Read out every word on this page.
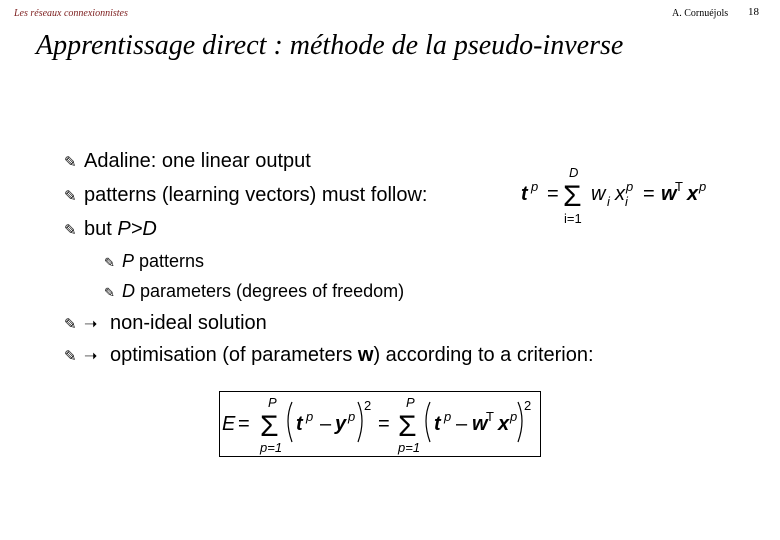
Les réseaux connexionnistes	A. Cornuéjols 18
Apprentissage direct : méthode de la pseudo-inverse
✎ Adaline: one linear output
✎ patterns (learning vectors) must follow:	t p =
D
Σ
i=1
w i x p
i = w
T x p
✎ but P>D
✎ P patterns
✎ D parameters (degrees of freedom)
✎ ➝ non-ideal solution
✎ ➝ optimisation (of parameters w) according to a criterion:
E =
P
Σ
p=1
t p – y p
2
=
P
Σ
p=1
t p – w
T x p
2
